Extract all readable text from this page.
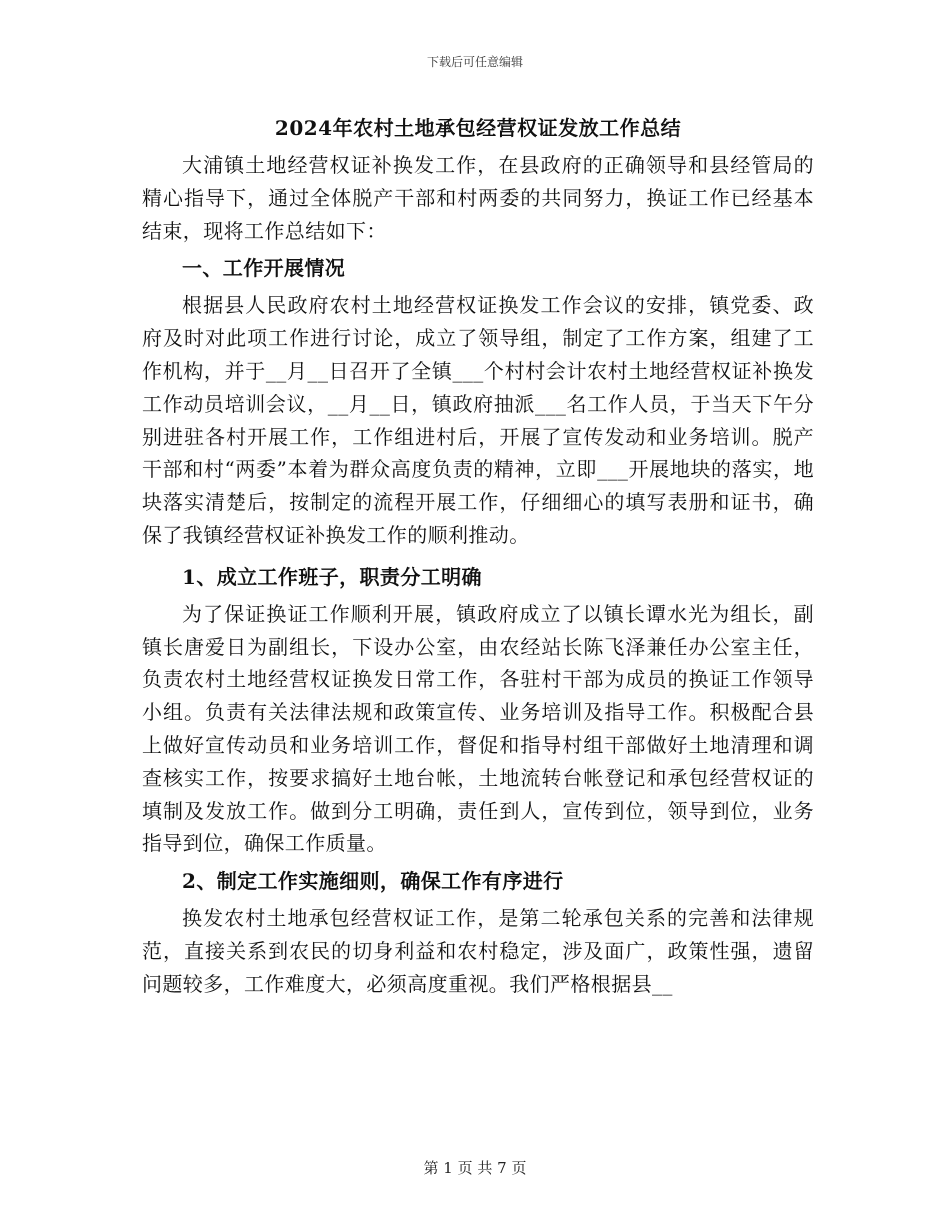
下载后可任意编辑
2024年农村土地承包经营权证发放工作总结

大浦镇土地经营权证补换发工作，在县政府的正确领导和县经管局的精心指导下，通过全体脱产干部和村两委的共同努力，换证工作已经基本结束，现将工作总结如下：

一、工作开展情况

根据县人民政府农村土地经营权证换发工作会议的安排，镇党委、政府及时对此项工作进行讨论，成立了领导组，制定了工作方案，组建了工作机构，并于__月__日召开了全镇___个村村会计农村土地经营权证补换发工作动员培训会议，__月__日，镇政府抽派___名工作人员，于当天下午分别进驻各村开展工作，工作组进村后，开展了宣传发动和业务培训。脱产干部和村“两委”本着为群众高度负责的精神，立即___开展地块的落实，地块落实清楚后，按制定的流程开展工作，仔细细心的填写表册和证书，确保了我镇经营权证补换发工作的顺利推动。

1、成立工作班子，职责分工明确

为了保证换证工作顺利开展，镇政府成立了以镇长谭水光为组长，副镇长唐爱日为副组长，下设办公室，由农经站长陈飞泽兼任办公室主任，负责农村土地经营权证换发日常工作，各驻村干部为成员的换证工作领导小组。负责有关法律法规和政策宣传、业务培训及指导工作。积极配合县上做好宣传动员和业务培训工作，督促和指导村组干部做好土地清理和调查核实工作，按要求搞好土地台帐，土地流转台帐登记和承包经营权证的填制及发放工作。做到分工明确，责任到人，宣传到位，领导到位，业务指导到位，确保工作质量。

2、制定工作实施细则，确保工作有序进行

换发农村土地承包经营权证工作，是第二轮承包关系的完善和法律规范，直接关系到农民的切身利益和农村稳定，涉及面广，政策性强，遗留问题较多，工作难度大，必须高度重视。我们严格根据县__

第 1 页 共 7 页
